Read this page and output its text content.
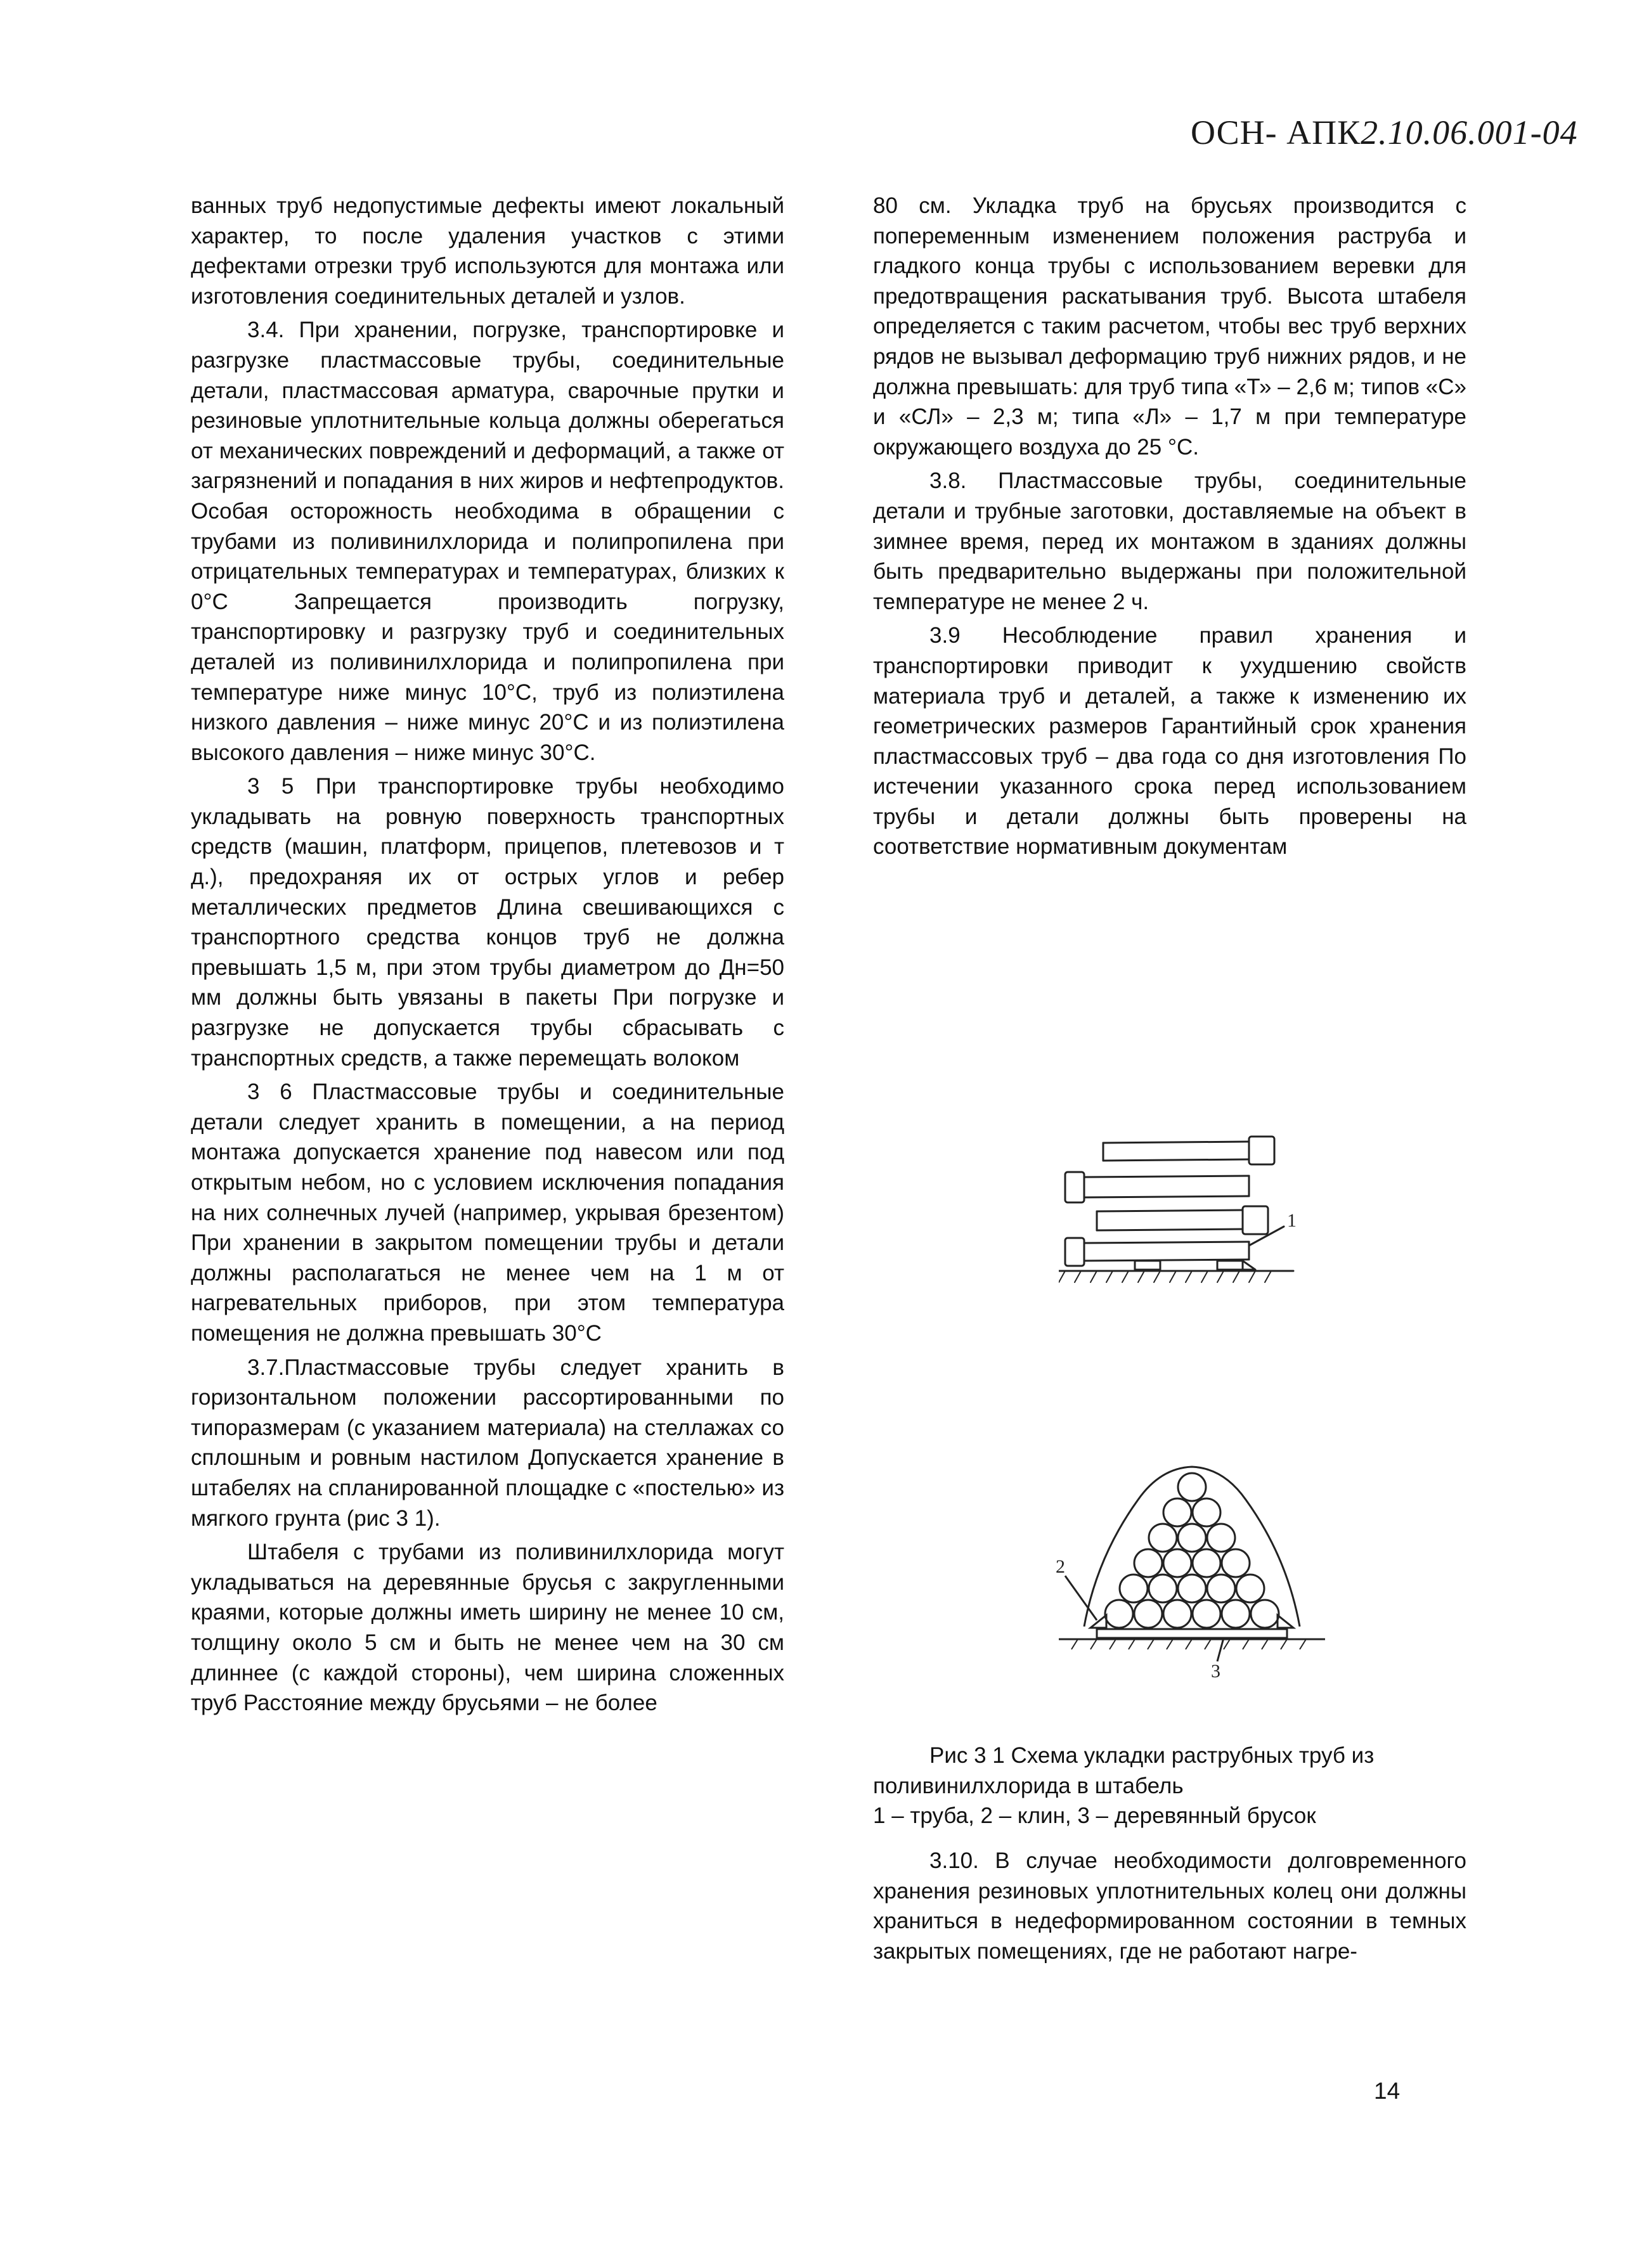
ОСН- АПК2.10.06.001-04

ванных труб недопустимые дефекты имеют локальный характер, то после удаления участков с этими дефектами отрезки труб используются для монтажа или изготовления соединительных деталей и узлов.

3.4. При хранении, погрузке, транспортировке и разгрузке пластмассовые трубы, соединительные детали, пластмассовая арматура, сварочные прутки и резиновые уплотнительные кольца должны оберегаться от механических повреждений и деформаций, а также от загрязнений и попадания в них жиров и нефтепродуктов. Особая осторожность необходима в обращении с трубами из поливинилхлорида и полипропилена при отрицательных температурах и температурах, близких к 0°С Запрещается производить погрузку, транспортировку и разгрузку труб и соединительных деталей из поливинилхлорида и полипропилена при температуре ниже минус 10°С, труб из полиэтилена низкого давления – ниже минус 20°С и из полиэтилена высокого давления – ниже минус 30°С.

3 5 При транспортировке трубы необходимо укладывать на ровную поверхность транспортных средств (машин, платформ, прицепов, плетевозов и т д.), предохраняя их от острых углов и ребер металлических предметов Длина свешивающихся с транспортного средства концов труб не должна превышать 1,5 м, при этом трубы диаметром до Дн=50 мм должны быть увязаны в пакеты При погрузке и разгрузке не допускается трубы сбрасывать с транспортных средств, а также перемещать волоком

3 6 Пластмассовые трубы и соединительные детали следует хранить в помещении, а на период монтажа допускается хранение под навесом или под открытым небом, но с условием исключения попадания на них солнечных лучей (например, укрывая брезентом) При хранении в закрытом помещении трубы и детали должны располагаться не менее чем на 1 м от нагревательных приборов, при этом температура помещения не должна превышать 30°С

3.7.Пластмассовые трубы следует хранить в горизонтальном положении рассортированными по типоразмерам (с указанием материала) на стеллажах со сплошным и ровным настилом Допускается хранение в штабелях на спланированной площадке с «постелью» из мягкого грунта (рис 3 1).

Штабеля с трубами из поливинилхлорида могут укладываться на деревянные брусья с закругленными краями, которые должны иметь ширину не менее 10 см, толщину около 5 см и быть не менее чем на 30 см длиннее (с каждой стороны), чем ширина сложенных труб Расстояние между брусьями – не более

80 см. Укладка труб на брусьях производится с попеременным изменением положения раструба и гладкого конца трубы с использованием веревки для предотвращения раскатывания труб. Высота штабеля определяется с таким расчетом, чтобы вес труб верхних рядов не вызывал деформацию труб нижних рядов, и не должна превышать: для труб типа «Т» – 2,6 м; типов «С» и «СЛ» – 2,3 м; типа «Л» – 1,7 м при температуре окружающего воздуха до 25 °С.

3.8. Пластмассовые трубы, соединительные детали и трубные заготовки, доставляемые на объект в зимнее время, перед их монтажом в зданиях должны быть предварительно выдержаны при положительной температуре не менее 2 ч.

3.9 Несоблюдение правил хранения и транспортировки приводит к ухудшению свойств материала труб и деталей, а также к изменению их геометрических размеров Гарантийный срок хранения пластмассовых труб – два года со дня изготовления По истечении указанного срока перед использованием трубы и детали должны быть проверены на соответствие нормативным документам

1
2
3
Рис 3 1 Схема укладки раструбных труб из поливинилхлорида в штабель
1 – труба, 2 – клин, 3 – деревянный брусок

3.10. В случае необходимости долговременного хранения резиновых уплотнительных колец они должны храниться в недеформированном состоянии в темных закрытых помещениях, где не работают нагре-

14
